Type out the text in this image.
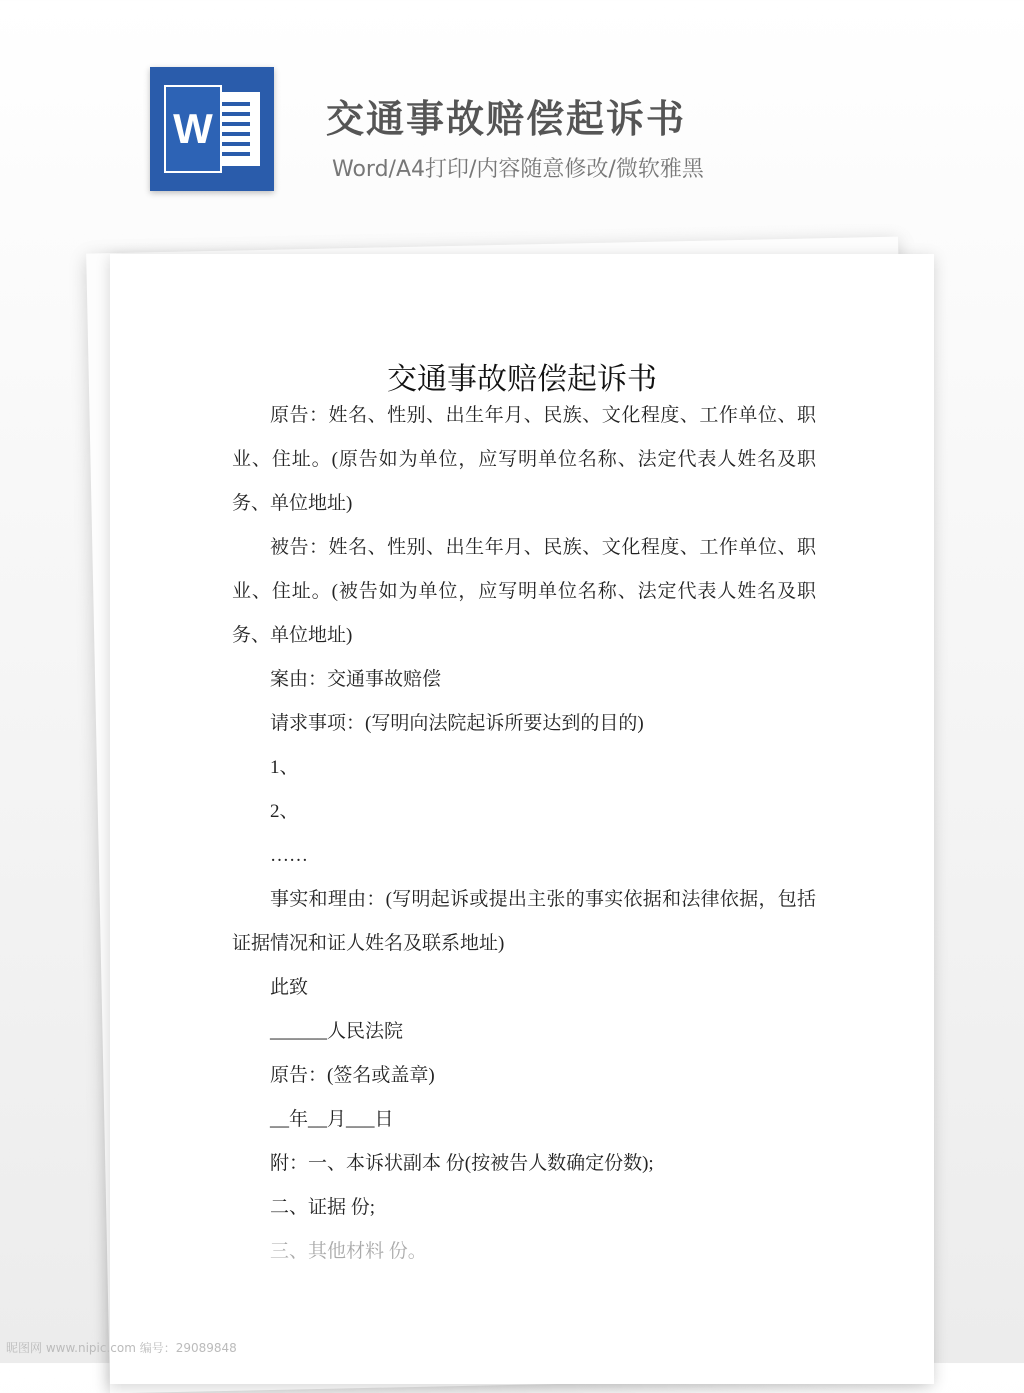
W	交通事故赔偿起诉书

Word/A4打印/内容随意修改/微软雅黑

交通事故赔偿起诉书

原告：姓名、性别、出生年月、民族、文化程度、工作单位、职业、住址。(原告如为单位，应写明单位名称、法定代表人姓名及职务、单位地址)

被告：姓名、性别、出生年月、民族、文化程度、工作单位、职业、住址。(被告如为单位，应写明单位名称、法定代表人姓名及职务、单位地址)

案由：交通事故赔偿

请求事项：(写明向法院起诉所要达到的目的)

1、

2、

……

事实和理由：(写明起诉或提出主张的事实依据和法律依据，包括证据情况和证人姓名及联系地址)

此致

______人民法院

原告：(签名或盖章)

__年__月___日

附：一、本诉状副本 份(按被告人数确定份数);

二、证据 份;

三、其他材料 份。

昵图网 www.nipic.com 编号：29089848
